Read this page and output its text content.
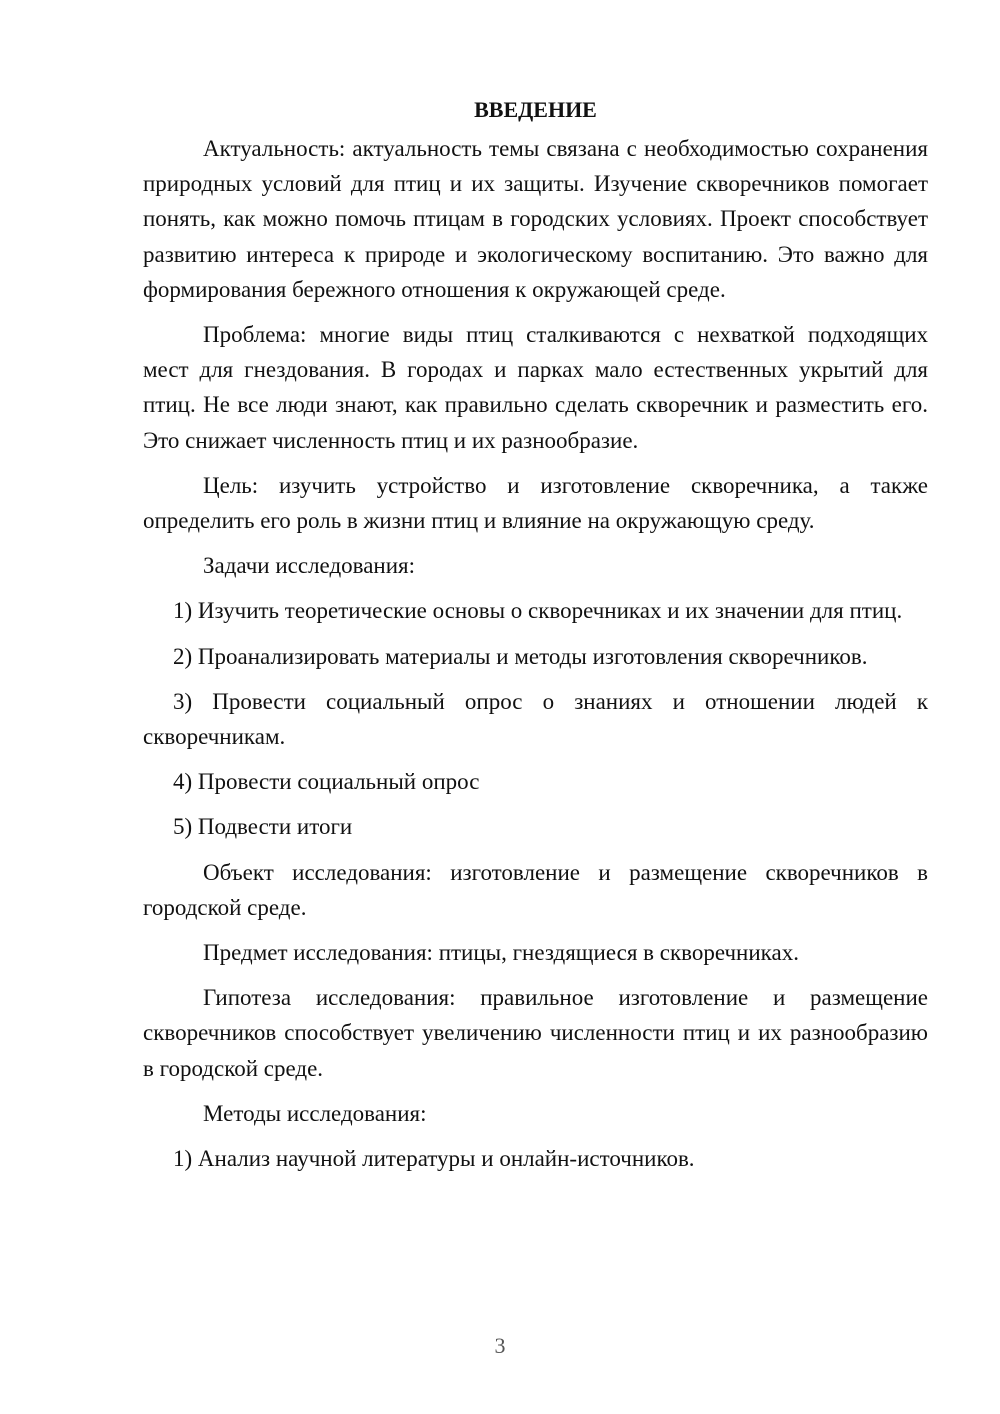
ВВЕДЕНИЕ

Актуальность: актуальность темы связана с необходимостью сохранения природных условий для птиц и их защиты. Изучение скворечников помогает понять, как можно помочь птицам в городских условиях. Проект способствует развитию интереса к природе и экологическому воспитанию. Это важно для формирования бережного отношения к окружающей среде.

Проблема: многие виды птиц сталкиваются с нехваткой подходящих мест для гнездования. В городах и парках мало естественных укрытий для птиц. Не все люди знают, как правильно сделать скворечник и разместить его. Это снижает численность птиц и их разнообразие.

Цель: изучить устройство и изготовление скворечника, а также определить его роль в жизни птиц и влияние на окружающую среду.

Задачи исследования:

1) Изучить теоретические основы о скворечниках и их значении для птиц.

2) Проанализировать материалы и методы изготовления скворечников.

3) Провести социальный опрос о знаниях и отношении людей к скворечникам.

4) Провести социальный опрос

5) Подвести итоги

Объект исследования: изготовление и размещение скворечников в городской среде.

Предмет исследования: птицы, гнездящиеся в скворечниках.

Гипотеза исследования: правильное изготовление и размещение скворечников способствует увеличению численности птиц и их разнообразию в городской среде.

Методы исследования:

1) Анализ научной литературы и онлайн-источников.

3
